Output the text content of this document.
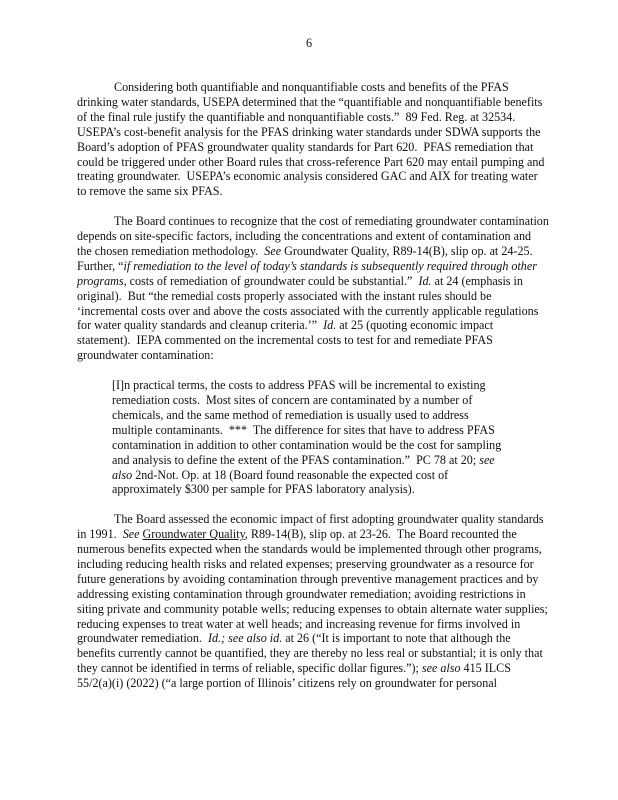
6
Considering both quantifiable and nonquantifiable costs and benefits of the PFAS
drinking water standards, USEPA determined that the “quantifiable and nonquantifiable benefits
of the final rule justify the quantifiable and nonquantifiable costs.”  89 Fed. Reg. at 32534.
USEPA’s cost-benefit analysis for the PFAS drinking water standards under SDWA supports the
Board’s adoption of PFAS groundwater quality standards for Part 620.  PFAS remediation that
could be triggered under other Board rules that cross-reference Part 620 may entail pumping and
treating groundwater.  USEPA’s economic analysis considered GAC and AIX for treating water
to remove the same six PFAS.
The Board continues to recognize that the cost of remediating groundwater contamination
depends on site-specific factors, including the concentrations and extent of contamination and
the chosen remediation methodology.  See Groundwater Quality, R89-14(B), slip op. at 24-25.
Further, “if remediation to the level of today’s standards is subsequently required through other
programs, costs of remediation of groundwater could be substantial.”  Id. at 24 (emphasis in
original).  But “the remedial costs properly associated with the instant rules should be
‘incremental costs over and above the costs associated with the currently applicable regulations
for water quality standards and cleanup criteria.’”  Id. at 25 (quoting economic impact
statement).  IEPA commented on the incremental costs to test for and remediate PFAS
groundwater contamination:
[I]n practical terms, the costs to address PFAS will be incremental to existing
remediation costs.  Most sites of concern are contaminated by a number of
chemicals, and the same method of remediation is usually used to address
multiple contaminants.  ***  The difference for sites that have to address PFAS
contamination in addition to other contamination would be the cost for sampling
and analysis to define the extent of the PFAS contamination.”  PC 78 at 20; see
also 2nd-Not. Op. at 18 (Board found reasonable the expected cost of
approximately $300 per sample for PFAS laboratory analysis).
The Board assessed the economic impact of first adopting groundwater quality standards
in 1991.  See Groundwater Quality, R89-14(B), slip op. at 23-26.  The Board recounted the
numerous benefits expected when the standards would be implemented through other programs,
including reducing health risks and related expenses; preserving groundwater as a resource for
future generations by avoiding contamination through preventive management practices and by
addressing existing contamination through groundwater remediation; avoiding restrictions in
siting private and community potable wells; reducing expenses to obtain alternate water supplies;
reducing expenses to treat water at well heads; and increasing revenue for firms involved in
groundwater remediation.  Id.; see also id. at 26 (“It is important to note that although the
benefits currently cannot be quantified, they are thereby no less real or substantial; it is only that
they cannot be identified in terms of reliable, specific dollar figures.”); see also 415 ILCS
55/2(a)(i) (2022) (“a large portion of Illinois’ citizens rely on groundwater for personal
